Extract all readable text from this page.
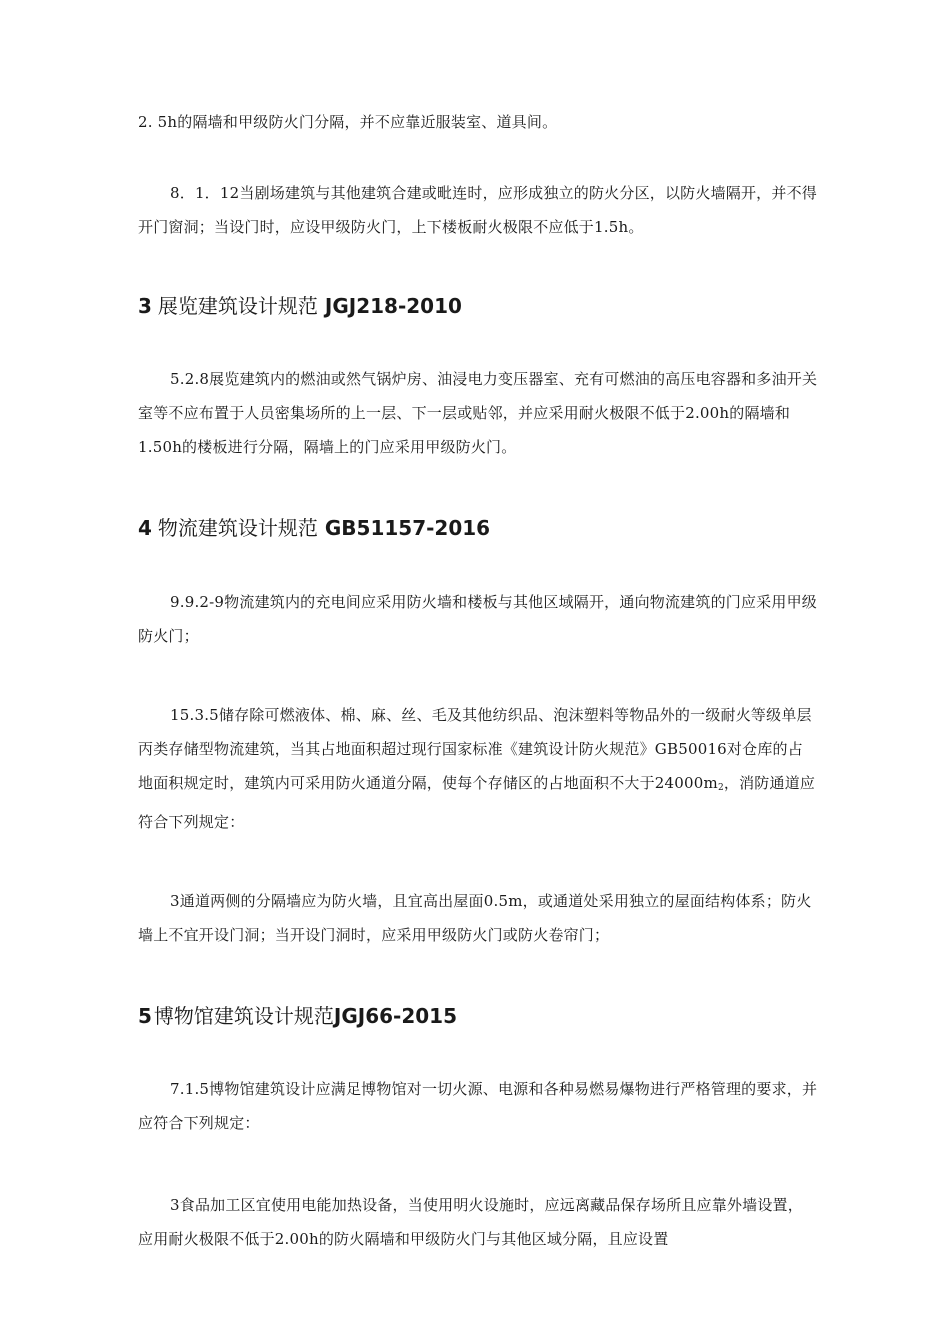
2. 5h的隔墙和甲级防火门分隔，并不应靠近服装室、道具间。
8．1．12当剧场建筑与其他建筑合建或毗连时，应形成独立的防火分区，以防火墙隔开，并不得开门窗洞；当设门时，应设甲级防火门，上下楼板耐火极限不应低于1.5h。
3 展览建筑设计规范 JGJ218-2010
5.2.8展览建筑内的燃油或然气锅炉房、油浸电力变压器室、充有可燃油的高压电容器和多油开关室等不应布置于人员密集场所的上一层、下一层或贴邻，并应采用耐火极限不低于2.00h的隔墙和1.50h的楼板进行分隔，隔墙上的门应采用甲级防火门。
4 物流建筑设计规范 GB51157-2016
9.9.2-9物流建筑内的充电间应采用防火墙和楼板与其他区域隔开，通向物流建筑的门应采用甲级防火门；
15.3.5储存除可燃液体、棉、麻、丝、毛及其他纺织品、泡沫塑料等物品外的一级耐火等级单层丙类存储型物流建筑，当其占地面积超过现行国家标准《建筑设计防火规范》GB50016对仓库的占地面积规定时，建筑内可采用防火通道分隔，使每个存储区的占地面积不大于$24000m_2$，消防通道应符合下列规定：
3通道两侧的分隔墙应为防火墙，且宜高出屋面0.5m，或通道处采用独立的屋面结构体系；防火墙上不宜开设门洞；当开设门洞时，应采用甲级防火门或防火卷帘门；
5 博物馆建筑设计规范JGJ66-2015
7.1.5博物馆建筑设计应满足博物馆对一切火源、电源和各种易燃易爆物进行严格管理的要求，并应符合下列规定：
3食品加工区宜使用电能加热设备，当使用明火设施时，应远离藏品保存场所且应靠外墙设置，应用耐火极限不低于2.00h的防火隔墙和甲级防火门与其他区域分隔，且应设置
